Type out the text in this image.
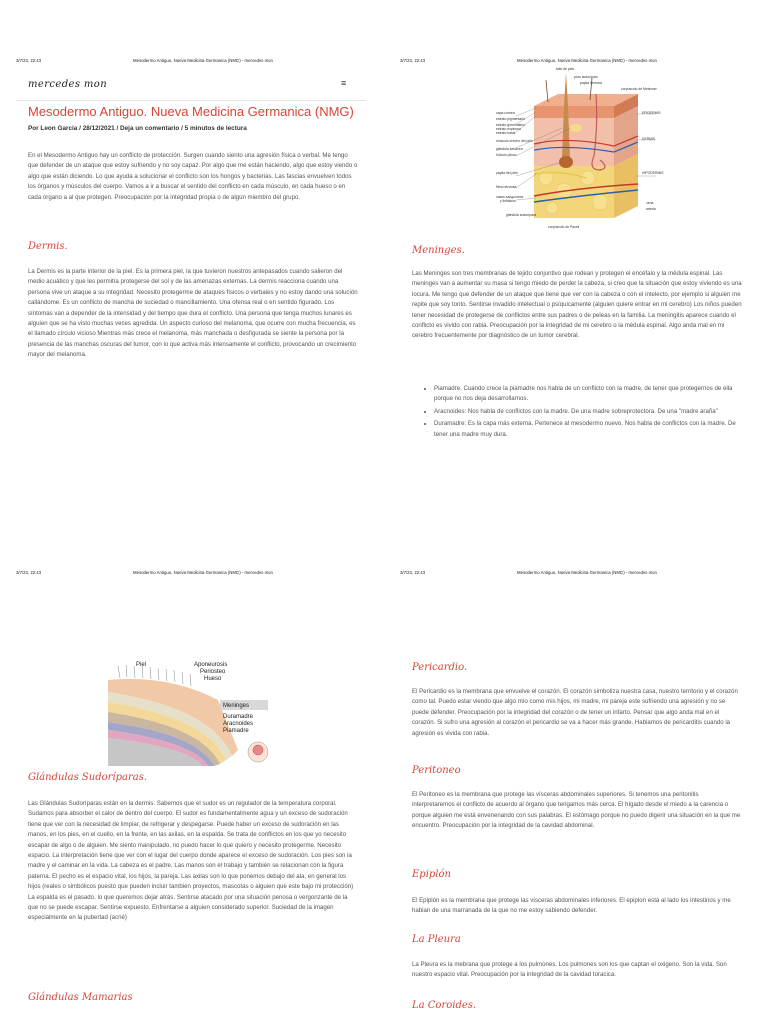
3/7/23, 22:43	Mesodermo Antiguo. Nueva Medicina Germanica (NMG) - mercedes mon
mercedes mon	≡
Mesodermo Antiguo. Nueva Medicina Germanica (NMG)
Por Leon Garcia / 28/12/2021 / Deja un comentario / 5 minutos de lectura
En el Mesodermo Antiguo hay un conflicto de protección. Surgen cuando siento una agresión física o verbal. Me tengo que defender de un ataque que estoy sufriendo y no soy capaz. Por algo que me están haciendo, algo que estoy viendo o algo que están diciendo. Lo que ayuda a solucionar el conflicto son los hongos y bacterias. Las fascias envuelven todos los órganos y músculos del cuerpo. Vamos a ir a buscar el sentido del conflicto en cada músculo, en cada hueso o en cada órgano a al que protegen. Preocupación por la integridad propia o de algún miembro del grupo.
Dermis.
La Dermis es la parte interior de la piel. Es la primera piel, la que tuvieron nuestros antepasados cuando salieron del medio acuático y que les permitía protegerse del sol y de las amenazas externas. La dermis reacciona cuando una persona vive un ataque a su integridad. Necesito protegerme de ataques físicos o verbales y no estoy dando una solución callándome. Es un conflicto de mancha de suciedad o mancillamiento. Una ofensa real o en sentido figurado. Los síntomas van a depender de la intensidad y del tiempo que dura el conflicto. Una persona que tenga muchos lunares es alguien que se ha visto muchas veces agredida. Un aspecto curioso del melanoma, que ocurre con mucha frecuencia, es el llamado círculo vicioso Mientras más crece el melanoma, más manchada o desfigurada se siente la persona por la presencia de las manchas oscuras del tumor, con lo que activa más intensamente el conflicto, provocando un crecimiento mayor del melanoma.
3/7/23, 22:43	Mesodermo Antiguo. Nueva Medicina Germanica (NMG) - mercedes mon
tallo de pelo
poro sudoríparo
papila dérmica
corpúsculo de Meissner
capa córnea
estrato pigmentario
estrato germinativo
estrato espinoso
estrato basal
músculo erector del pelo
glándula sebácea
folículo piloso
papila del pelo
fibra nerviosa
vasos sanguíneos
y linfáticos
glándula sudorípara
corpúsculo de Pacini
EPIDERMIS
DERMIS
HIPODERMIS
vena
arteria
Meninges.
Las Meninges son tres membranas de tejido conjuntivo que rodean y protegen el encéfalo y la médula espinal. Las meninges van a aumentar su masa si tengo miedo de perder la cabeza, si creo que la situación que estoy viviendo es una locura. Me tengo que defender de un ataque que tiene que ver con la cabeza o con el intelecto, por ejemplo si alguien me repite que soy tonto. Sentirse invadido intelectual o psíquicamente (alguien quiere entrar en mi cerebro) Los niños pueden tener necesidad de protegerse de conflictos entre sus padres o de peleas en la familia. La meningitis aparece cuando el conflicto es vivido con rabia. Preocupación por la integridad de mi cerebro o la médula espinal. Algo anda mal en mi cerebro frecuentemente por diagnóstico de un tumor cerebral.
• Piamadre. Cuando crece la piamadre nos habla de un conflicto con la madre, de tener que protegernos de ella porque no nos deja desarrollarnos.
• Aracnoides: Nos habla de conflictos con la madre. De una madre sobreprotectora. De una "madre araña"
• Duramadre: Es la capa más externa. Pertenece al mesodermo nuevo. Nos habla de conflictos con la madre. De tener una madre muy dura.
3/7/23, 22:43	Mesodermo Antiguo. Nueva Medicina Germanica (NMG) - mercedes mon
Piel	Aponeurosis
Periosteo
Hueso
Meninges
Duramadre
Aracnoides
Piamadre
Glándulas Sudoríparas.
Las Glándulas Sudoríparas están en la dermis. Sabemos que el sudor es un regulador de la temperatura corporal. Sudamos para absorber el calor de dentro del cuerpo. El sudor es fundamentalmente agua y un exceso de sudoración tiene que ver con la necesidad de limpiar, de refrigerar y despegarse. Puede haber un exceso de sudoración en las manos, en los pies, en el cuello, en la frente, en las axilas, en la espalda. Se trata de conflictos en los que yo necesito escapar de algo o de alguien. Me siento manipulado, no puedo hacer lo que quiero y necesito protegerme. Necesito espacio. La interpretación tiene que ver con el lugar del cuerpo donde aparece el exceso de sudoración. Los pies son la madre y el caminar en la vida. La cabeza es el padre. Las manos son el trabajo y también se relacionan con la figura paterna. El pecho es el espacio vital, los hijos, la pareja. Las axilas son lo que ponemos debajo del ala, en general los hijos (reales o simbólicos puesto que pueden incluir también proyectos, mascotas o alguien que este bajo mi protección) La espalda es el pasado, lo que queremos dejar atrás. Sentirse atacado por una situación penosa o vergonzante de la que no se puede escapar. Sentirse expuesto. Enfrentarse a alguien considerado superior. Suciedad de la imagen especialmente en la pubertad (acné)
Glándulas Mamarias
3/7/23, 22:43	Mesodermo Antiguo. Nueva Medicina Germanica (NMG) - mercedes mon
Pericardio.
El Pericardio es la membrana que envuelve el corazón. El corazón simboliza nuestra casa, nuestro territorio y el corazón como tal. Puedo estar viendo que algo mío como mis hijos, mi madre, mi pareja este sufriendo una agresión y no se puede defender. Preocupación por la integridad del corazón o de tener un infarto. Pensar que algo anda mal en el corazón. Si sufro una agresión al corazón el pericardio se va a hacer más grande. Hablamos de pericarditis cuando la agresión es vivida con rabia.
Peritoneo
El Peritoneo es la membrana que protege las vísceras abdominales superiores. Si tenemos una peritonitis interpretaremos el conflicto de acuerdo al órgano que tengamos más cerca. El hígado desde el miedo a la carencia o porque alguien me está envenenando con sus palabras. El estómago porque no puedo digerir una situación en la que me encuentro. Preocupación por la integridad de la cavidad abdominal.
Epiplón
El Epiplón es la membrana que protege las vísceras abdominales inferiores. El epiplon está al lado los intestinos y me hablan de una marranada de la que no me estoy sabiendo defender.
La Pleura
La Pleura es la mebrana que protege a los pulmones. Los pulmones son los que captan el oxigeno. Son la vida. Son nuestro espacio vital. Preocupación por la integridad de la cavidad toracica.
La Coroides.
